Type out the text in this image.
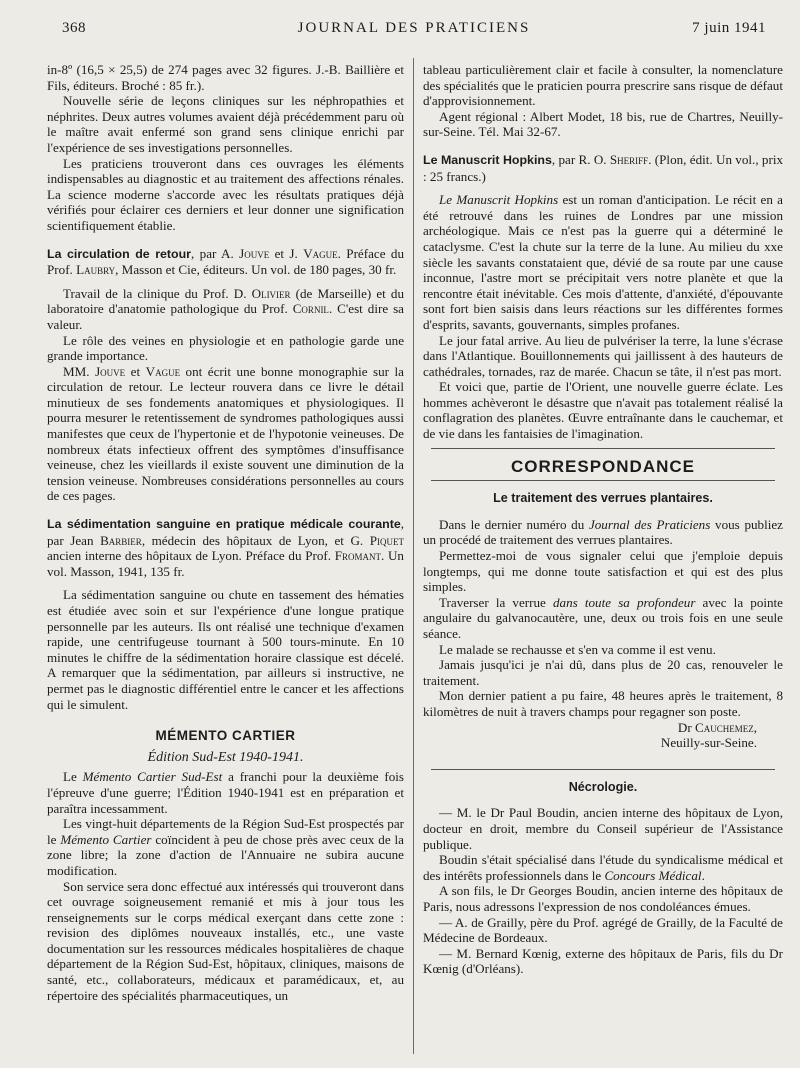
368	JOURNAL DES PRATICIENS	7 juin 1941

in-8º (16,5 × 25,5) de 274 pages avec 32 figures. J.-B. Baillière et Fils, éditeurs. Broché : 85 fr.).

Nouvelle série de leçons cliniques sur les néphropathies et néphrites. Deux autres volumes avaient déjà précédemment paru où le maître avait enfermé son grand sens clinique enrichi par l'expérience de ses investigations personnelles.

Les praticiens trouveront dans ces ouvrages les éléments indispensables au diagnostic et au traitement des affections rénales. La science moderne s'accorde avec les résultats pratiques déjà vérifiés pour éclairer ces derniers et leur donner une signification scientifiquement établie.

La circulation de retour, par A. Jouve et J. Vague. Préface du Prof. Laubry, Masson et Cie, éditeurs. Un vol. de 180 pages, 30 fr.

Travail de la clinique du Prof. D. Olivier (de Marseille) et du laboratoire d'anatomie pathologique du Prof. Cornil. C'est dire sa valeur.

Le rôle des veines en physiologie et en pathologie garde une grande importance.

MM. Jouve et Vague ont écrit une bonne monographie sur la circulation de retour. Le lecteur rouvera dans ce livre le détail minutieux de ses fondements anatomiques et physiologiques. Il pourra mesurer le retentissement de syndromes pathologiques aussi manifestes que ceux de l'hypertonie et de l'hypotonie veineuses. De nombreux états infectieux offrent des symptômes d'insuffisance veineuse, chez les vieillards il existe souvent une diminution de la tension veineuse. Nombreuses considérations personnelles au cours de ces pages.

La sédimentation sanguine en pratique médicale courante, par Jean Barbier, médecin des hôpitaux de Lyon, et G. Piquet ancien interne des hôpitaux de Lyon. Préface du Prof. Fromant. Un vol. Masson, 1941, 135 fr.

La sédimentation sanguine ou chute en tassement des hématies est étudiée avec soin et sur l'expérience d'une longue pratique personnelle par les auteurs. Ils ont réalisé une technique d'examen rapide, une centrifugeuse tournant à 500 tours-minute. En 10 minutes le chiffre de la sédimentation horaire classique est décelé. A remarquer que la sédimentation, par ailleurs si instructive, ne permet pas le diagnostic différentiel entre le cancer et les affections qui le simulent.

MÉMENTO CARTIER
Édition Sud-Est 1940-1941.

Le Mémento Cartier Sud-Est a franchi pour la deuxième fois l'épreuve d'une guerre; l'Édition 1940-1941 est en préparation et paraîtra incessamment.

Les vingt-huit départements de la Région Sud-Est prospectés par le Mémento Cartier coïncident à peu de chose près avec ceux de la zone libre; la zone d'action de l'Annuaire ne subira aucune modification.

Son service sera donc effectué aux intéressés qui trouveront dans cet ouvrage soigneusement remanié et mis à jour tous les renseignements sur le corps médical exerçant dans cette zone : revision des diplômes nouveaux installés, etc., une vaste documentation sur les ressources médicales hospitalières de chaque département de la Région Sud-Est, hôpitaux, cliniques, maisons de santé, etc., collaborateurs, médicaux et paramédicaux, et, au répertoire des spécialités pharmaceutiques, un

tableau particulièrement clair et facile à consulter, la nomenclature des spécialités que le praticien pourra prescrire sans risque de défaut d'approvisionnement.

Agent régional : Albert Modet, 18 bis, rue de Chartres, Neuilly-sur-Seine. Tél. Mai 32-67.

Le Manuscrit Hopkins, par R. O. Sheriff. (Plon, édit. Un vol., prix : 25 francs.)

Le Manuscrit Hopkins est un roman d'anticipation. Le récit en a été retrouvé dans les ruines de Londres par une mission archéologique. Mais ce n'est pas la guerre qui a déterminé le cataclysme. C'est la chute sur la terre de la lune. Au milieu du xxe siècle les savants constataient que, dévié de sa route par une cause inconnue, l'astre mort se précipitait vers notre planète et que la rencontre était inévitable. Ces mois d'attente, d'anxiété, d'épouvante sont fort bien saisis dans leurs réactions sur les différentes formes d'esprits, savants, gouvernants, simples profanes.

Le jour fatal arrive. Au lieu de pulvériser la terre, la lune s'écrase dans l'Atlantique. Bouillonnements qui jaillissent à des hauteurs de cathédrales, tornades, raz de marée. Chacun se tâte, il n'est pas mort.

Et voici que, partie de l'Orient, une nouvelle guerre éclate. Les hommes achèveront le désastre que n'avait pas totalement réalisé la conflagration des planètes. Œuvre entraînante dans le cauchemar, et de vie dans les fantaisies de l'imagination.

CORRESPONDANCE
Le traitement des verrues plantaires.

Dans le dernier numéro du Journal des Praticiens vous publiez un procédé de traitement des verrues plantaires.

Permettez-moi de vous signaler celui que j'emploie depuis longtemps, qui me donne toute satisfaction et qui est des plus simples.

Traverser la verrue dans toute sa profondeur avec la pointe angulaire du galvanocautère, une, deux ou trois fois en une seule séance.

Le malade se rechausse et s'en va comme il est venu.

Jamais jusqu'ici je n'ai dû, dans plus de 20 cas, renouveler le traitement.

Mon dernier patient a pu faire, 48 heures après le traitement, 8 kilomètres de nuit à travers champs pour regagner son poste.

Dr Cauchemez,
Neuilly-sur-Seine.
Nécrologie.

— M. le Dr Paul Boudin, ancien interne des hôpitaux de Lyon, docteur en droit, membre du Conseil supérieur de l'Assistance publique.

Boudin s'était spécialisé dans l'étude du syndicalisme médical et des intérêts professionnels dans le Concours Médical.

A son fils, le Dr Georges Boudin, ancien interne des hôpitaux de Paris, nous adressons l'expression de nos condoléances émues.

— A. de Grailly, père du Prof. agrégé de Grailly, de la Faculté de Médecine de Bordeaux.

— M. Bernard Kœnig, externe des hôpitaux de Paris, fils du Dr Kœnig (d'Orléans).
